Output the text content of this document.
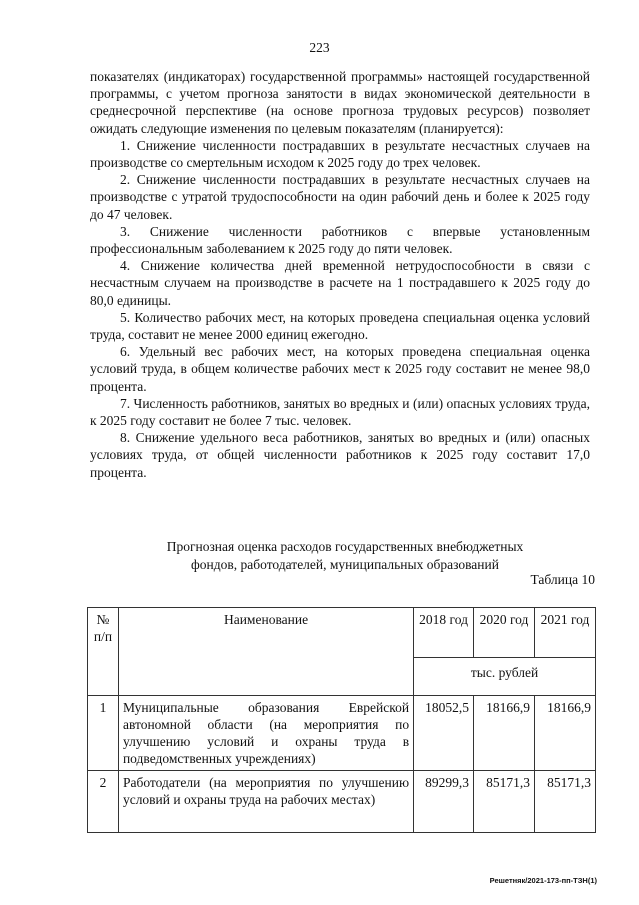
223

показателях (индикаторах) государственной программы» настоящей государственной программы, с учетом прогноза занятости в видах экономической деятельности в среднесрочной перспективе (на основе прогноза трудовых ресурсов) позволяет ожидать следующие изменения по целевым показателям (планируется):

1. Снижение численности пострадавших в результате несчастных случаев на производстве со смертельным исходом к 2025 году до трех человек.

2. Снижение численности пострадавших в результате несчастных случаев на производстве с утратой трудоспособности на один рабочий день и более к 2025 году до 47 человек.

3. Снижение численности работников с впервые установленным профессиональным заболеванием к 2025 году до пяти человек.

4. Снижение количества дней временной нетрудоспособности в связи с несчастным случаем на производстве в расчете на 1 пострадавшего к 2025 году до 80,0 единицы.

5. Количество рабочих мест, на которых проведена специальная оценка условий труда, составит не менее 2000 единиц ежегодно.

6. Удельный вес рабочих мест, на которых проведена специальная оценка условий труда, в общем количестве рабочих мест к 2025 году составит не менее 98,0 процента.

7. Численность работников, занятых во вредных и (или) опасных условиях труда, к 2025 году составит не более 7 тыс. человек.

8. Снижение удельного веса работников, занятых во вредных и (или) опасных условиях труда, от общей численности работников к 2025 году составит 17,0 процента.

Прогнозная оценка расходов государственных внебюджетных
фондов, работодателей, муниципальных образований
Таблица 10
№ п/п	Наименование	2018 год	2020 год	2021 год
		тыс. рублей		
1	Муниципальные образования Еврейской автономной области (на мероприятия по улучшению условий и охраны труда в подведомственных учреждениях)	18052,5	18166,9	18166,9
2	Работодатели (на мероприятия по улучшению условий и охраны труда на рабочих местах)	89299,3	85171,3	85171,3
Решетняк/2021-173-пп-ТЗН(1)
